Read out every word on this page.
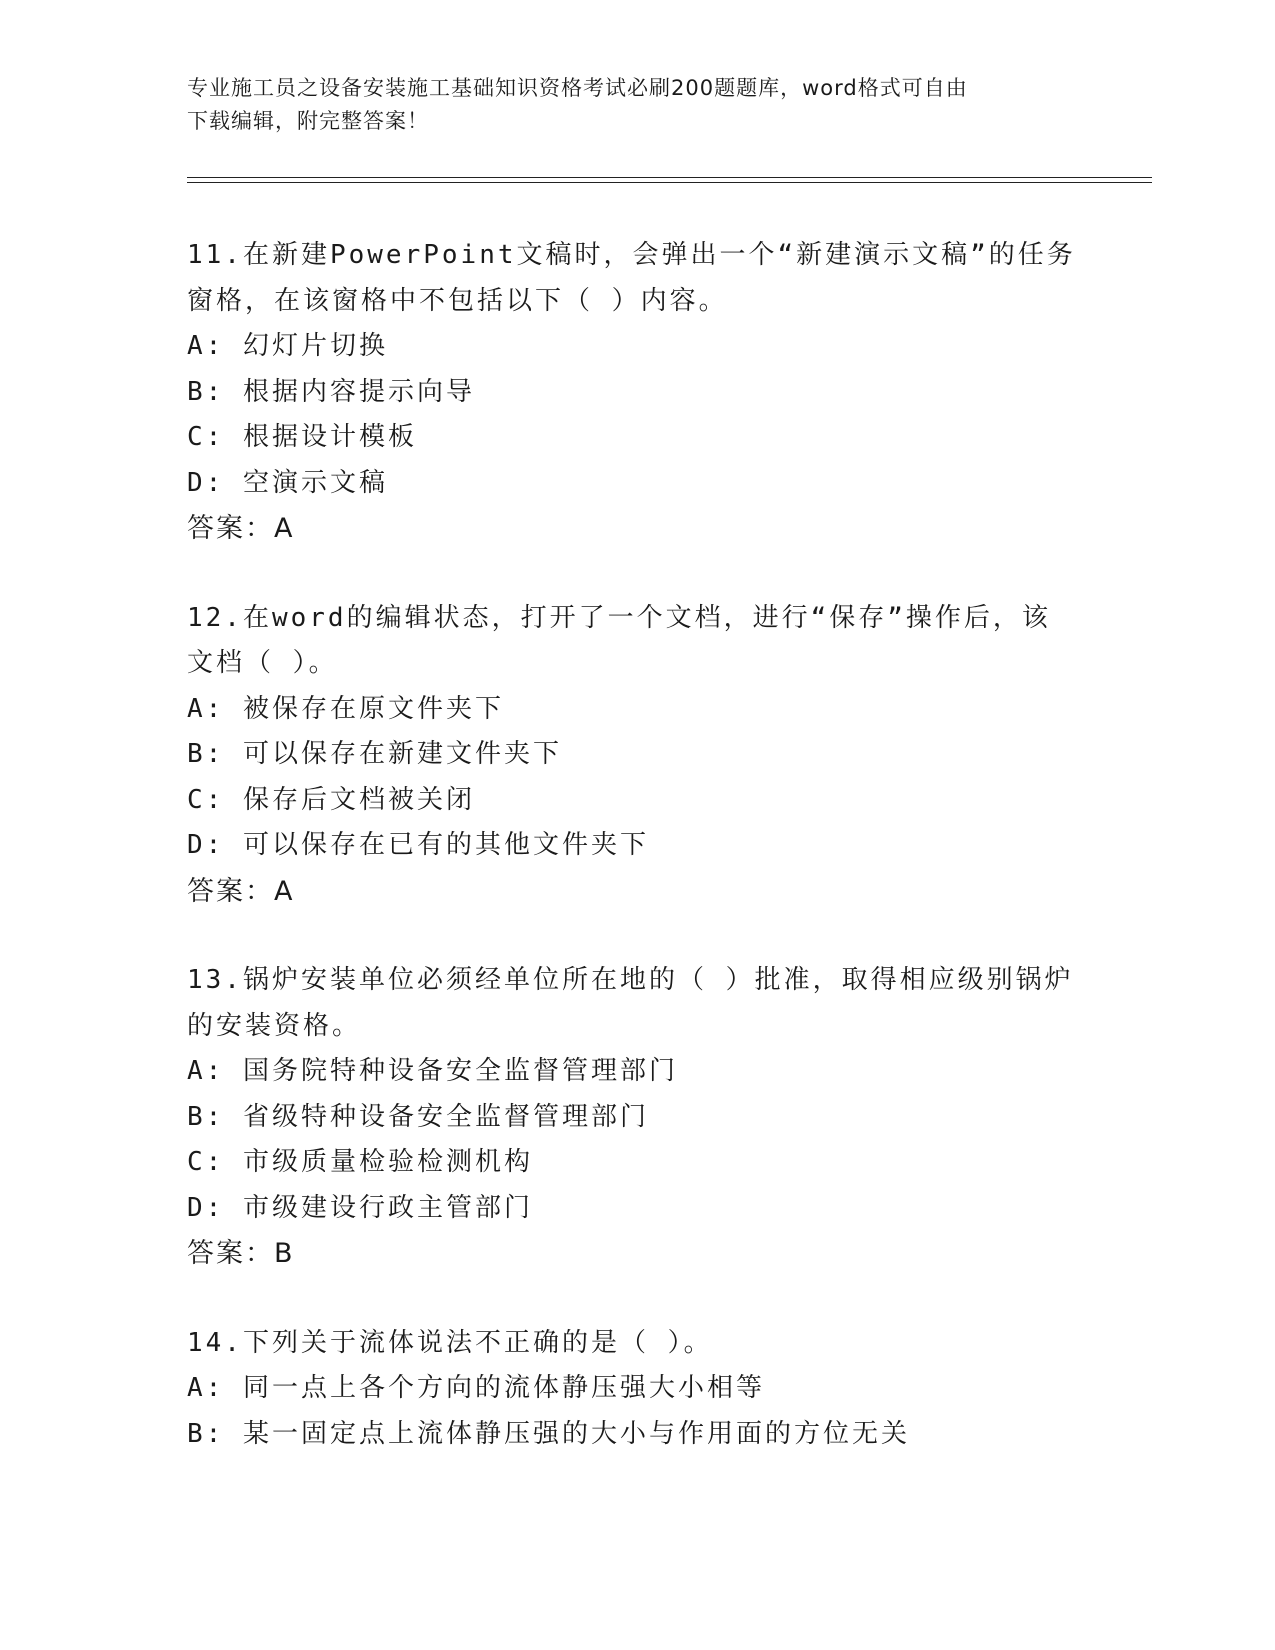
专业施工员之设备安装施工基础知识资格考试必刷200题题库，word格式可自由
下载编辑，附完整答案！
11.在新建PowerPoint文稿时，会弹出一个“新建演示文稿”的任务
窗格，在该窗格中不包括以下（ ）内容。
A: 幻灯片切换
B: 根据内容提示向导
C: 根据设计模板
D: 空演示文稿
答案：A
12.在word的编辑状态，打开了一个文档，进行“保存”操作后，该
文档（ ）。
A: 被保存在原文件夹下
B: 可以保存在新建文件夹下
C: 保存后文档被关闭
D: 可以保存在已有的其他文件夹下
答案：A
13.锅炉安装单位必须经单位所在地的（ ）批准，取得相应级别锅炉
的安装资格。
A: 国务院特种设备安全监督管理部门
B: 省级特种设备安全监督管理部门
C: 市级质量检验检测机构
D: 市级建设行政主管部门
答案：B
14.下列关于流体说法不正确的是（ ）。
A: 同一点上各个方向的流体静压强大小相等
B: 某一固定点上流体静压强的大小与作用面的方位无关
